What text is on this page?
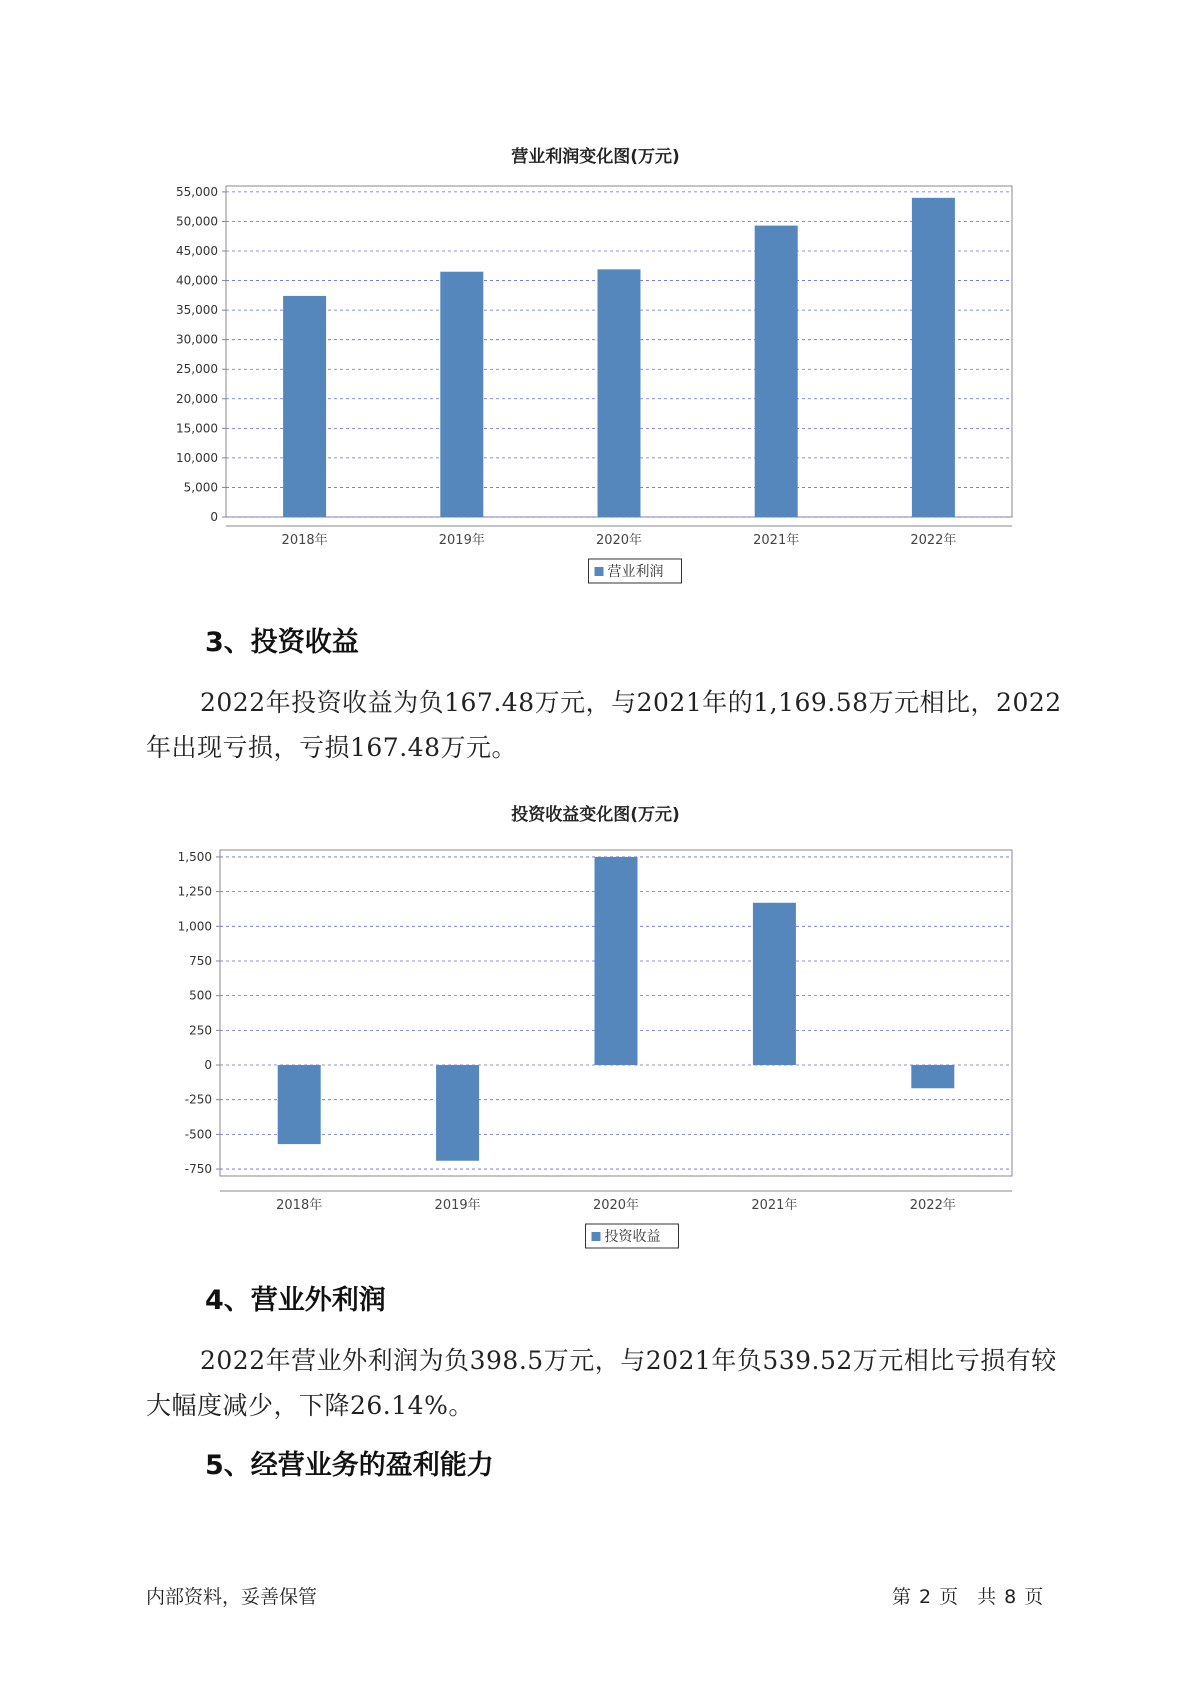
营业利润变化图(万元)
0
5,000
10,000
15,000
20,000
25,000
30,000
35,000
40,000
45,000
50,000
55,000
2018年	2019年	2020年	2021年	2022年
营业利润
3、投资收益

2022年投资收益为负167.48万元，与2021年的1,169.58万元相比，2022年出现亏损，亏损167.48万元。

投资收益变化图(万元)
-750
-500
-250
0
250
500
750
1,000
1,250
1,500
2018年	2019年	2020年	2021年	2022年
投资收益
4、营业外利润

2022年营业外利润为负398.5万元，与2021年负539.52万元相比亏损有较大幅度减少，下降26.14%。

5、经营业务的盈利能力
内部资料，妥善保管	第 2 页　共 8 页
